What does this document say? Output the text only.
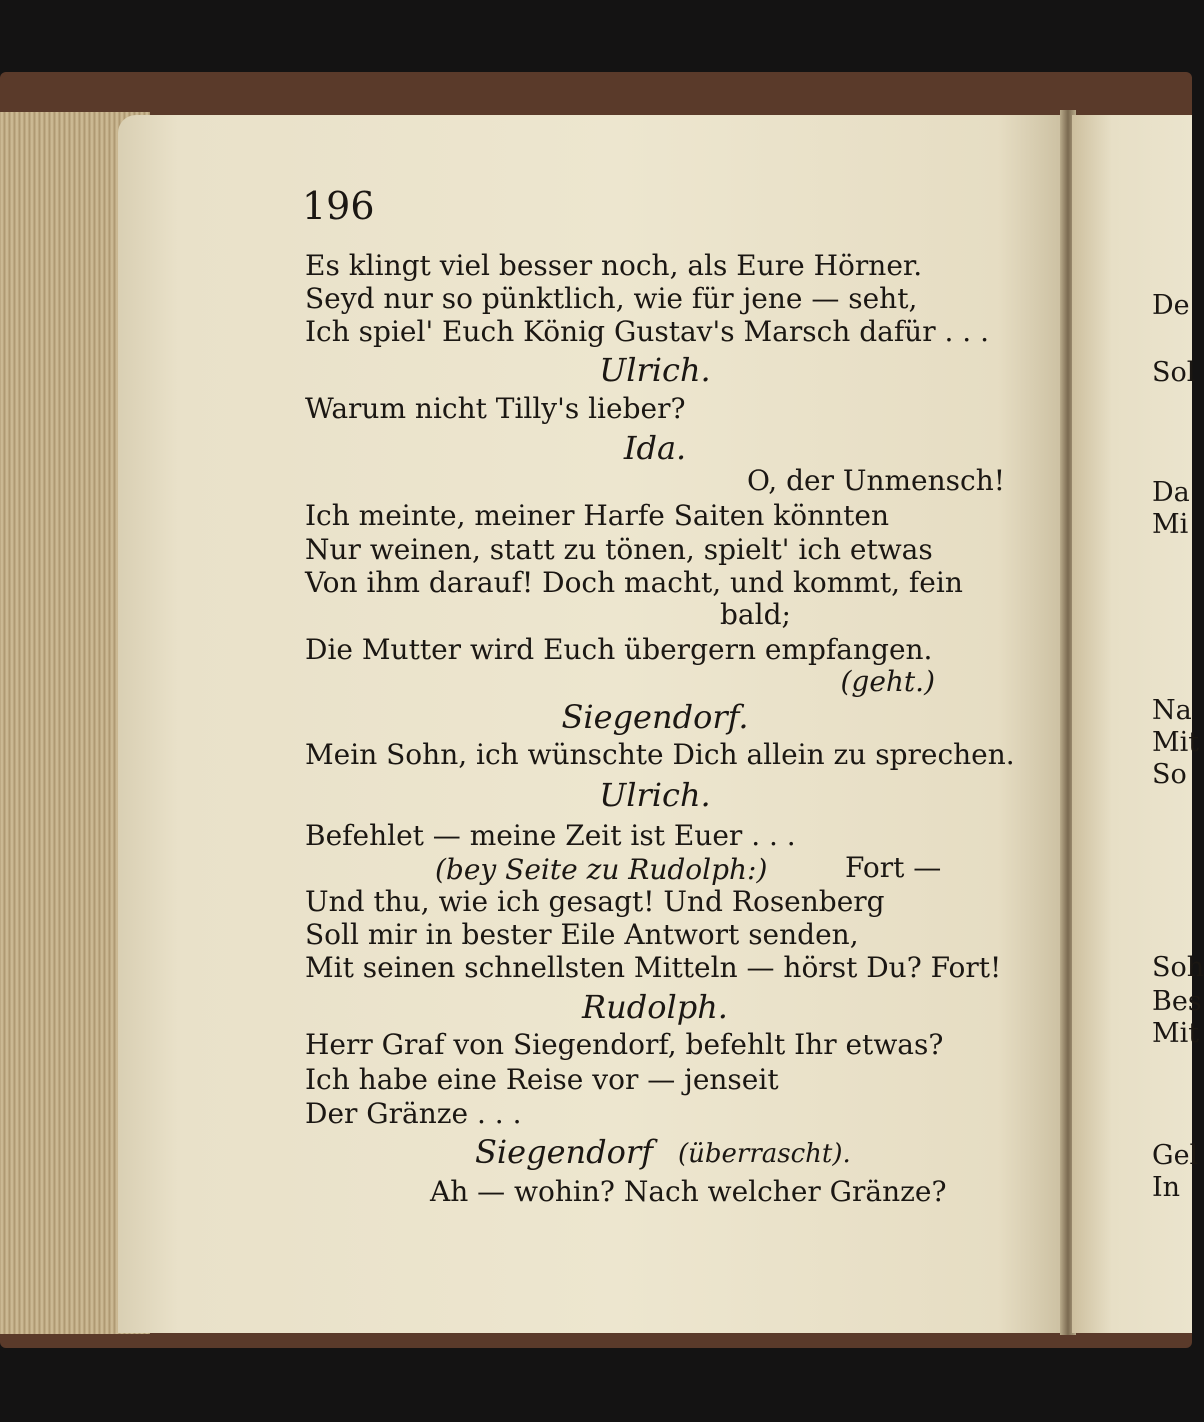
196
Es klingt viel besser noch, als Eure Hörner.
Seyd nur so pünktlich, wie für jene — seht,
Ich spiel' Euch König Gustav's Marsch dafür . . .
Ulrich.
Warum nicht Tilly's lieber?
Ida.
O, der Unmensch!
Ich meinte, meiner Harfe Saiten könnten
Nur weinen, statt zu tönen, spielt' ich etwas
Von ihm darauf! Doch macht, und kommt, fein
bald;
Die Mutter wird Euch übergern empfangen.
(geht.)
Siegendorf.
Mein Sohn, ich wünschte Dich allein zu sprechen.
Ulrich.
Befehlet — meine Zeit ist Euer . . .
(bey Seite zu Rudolph:)	Fort —
Und thu, wie ich gesagt! Und Rosenberg
Soll mir in bester Eile Antwort senden,
Mit seinen schnellsten Mitteln — hörst Du? Fort!
Rudolph.
Herr Graf von Siegendorf, befehlt Ihr etwas?
Ich habe eine Reise vor — jenseit
Der Gränze . . .
Siegendorf (überrascht).
Ah — wohin? Nach welcher Gränze?
De
Sol
Da
Mi
Na
Mit
So
Soh
Bes
Mit
Gel
In
